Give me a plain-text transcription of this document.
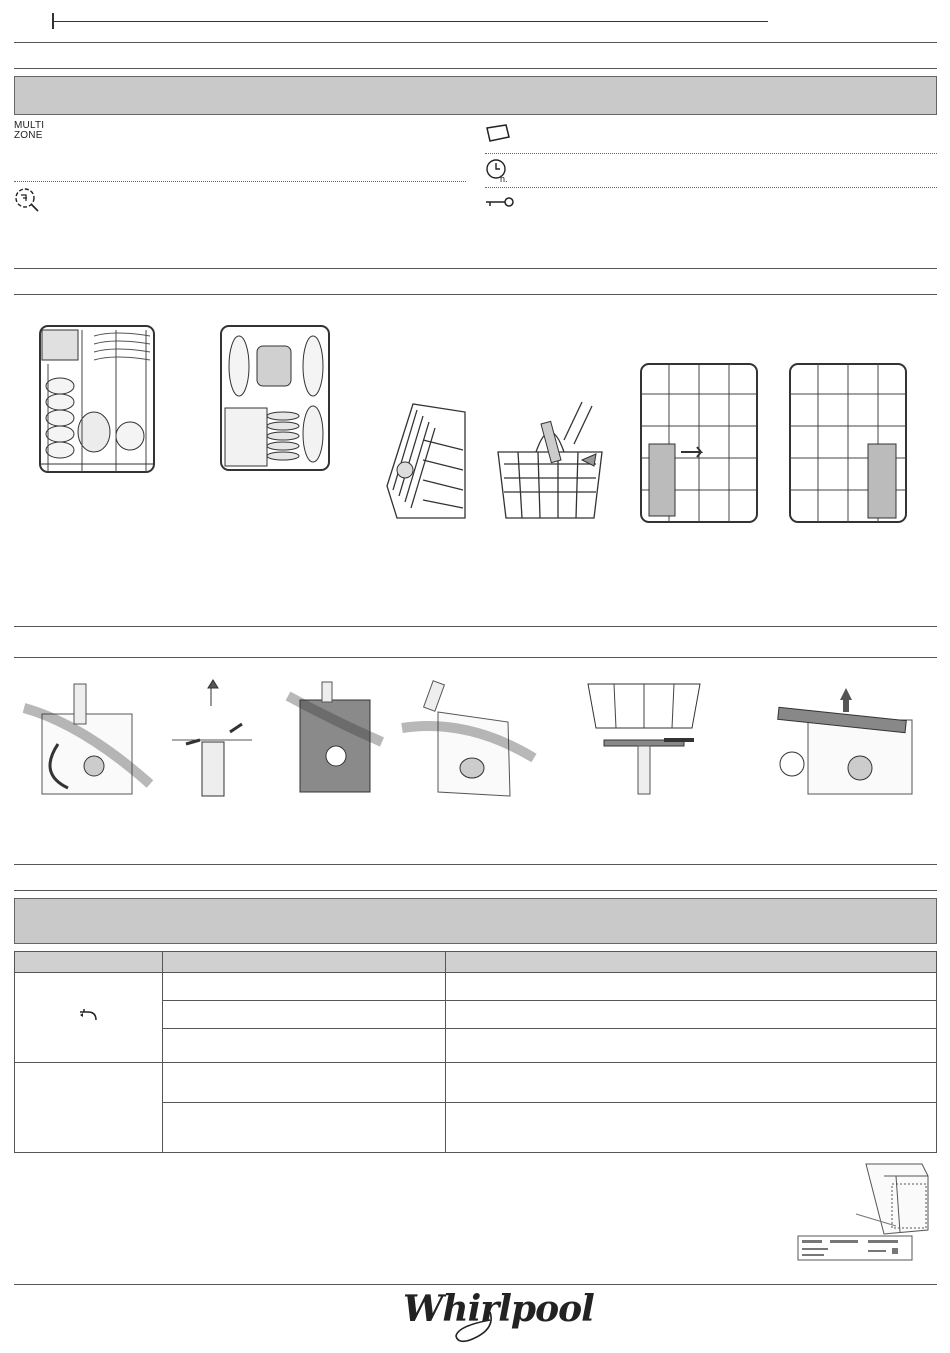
MULTI
ZONE
h.

Whirlpool
